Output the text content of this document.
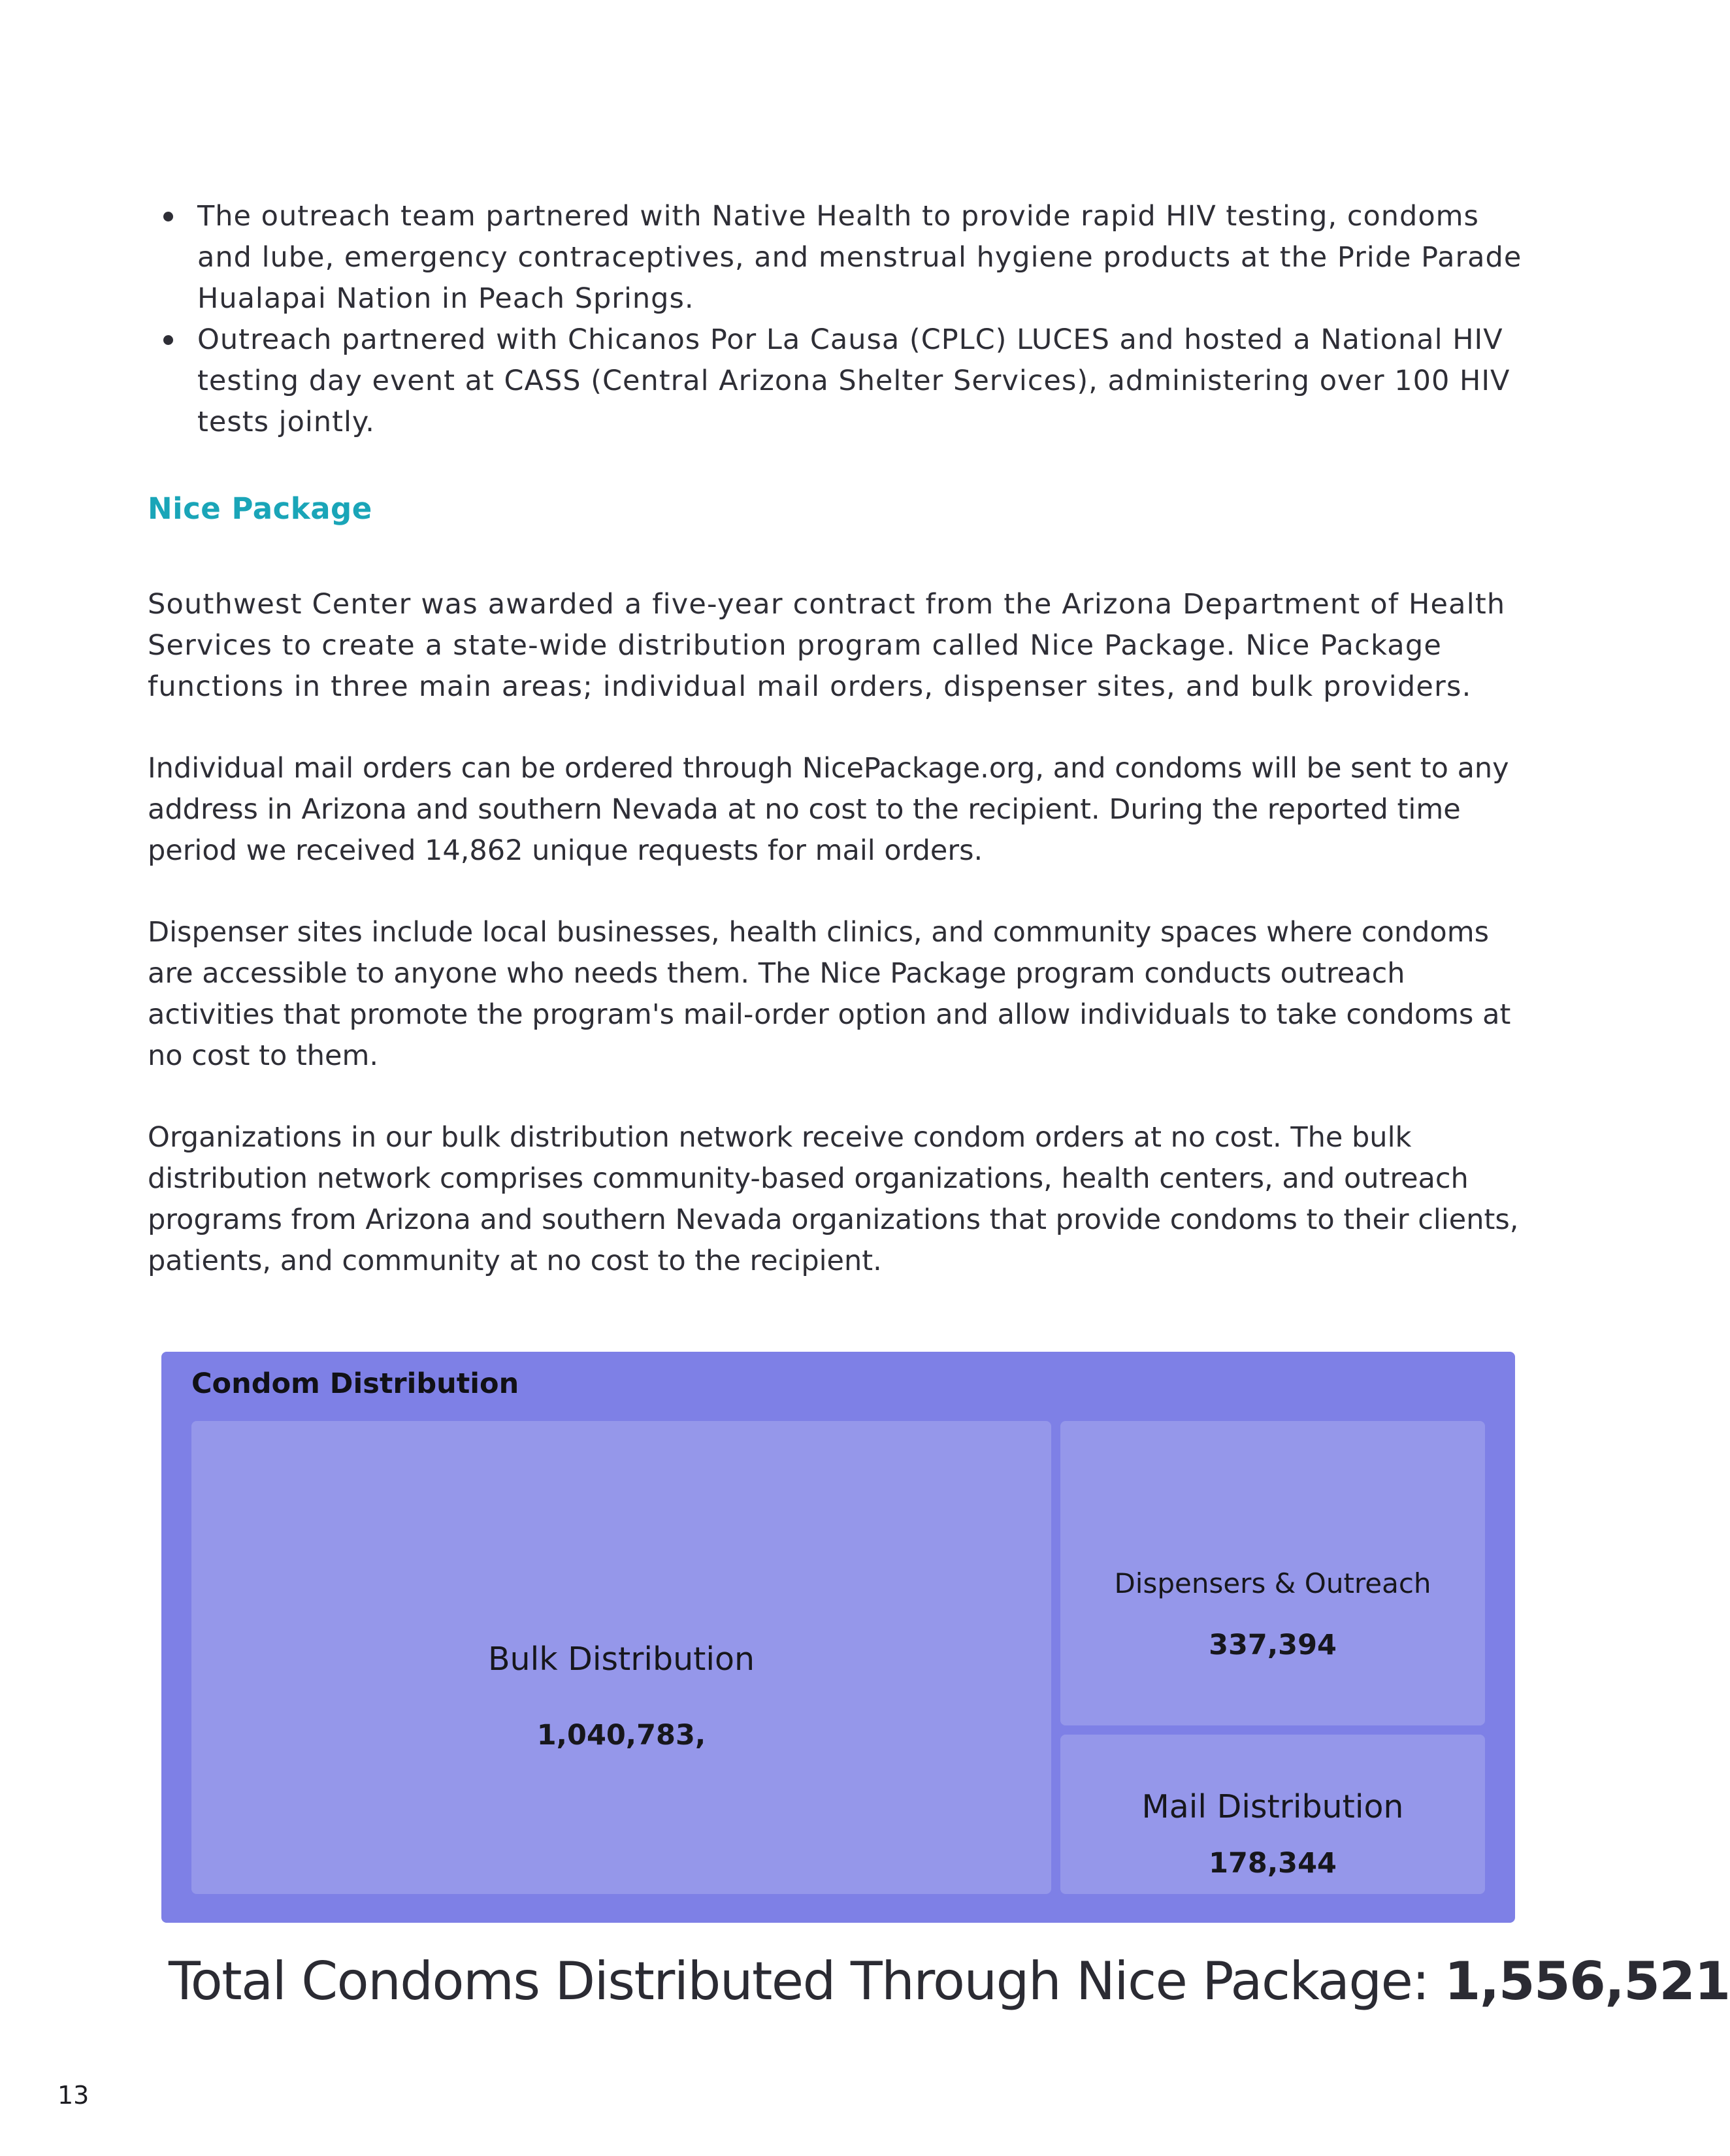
The outreach team partnered with Native Health to provide rapid HIV testing, condoms and lube, emergency contraceptives, and menstrual hygiene products at the Pride Parade Hualapai Nation in Peach Springs.
Outreach partnered with Chicanos Por La Causa (CPLC) LUCES and hosted a National HIV testing day event at CASS (Central Arizona Shelter Services), administering over 100 HIV tests jointly.
Nice Package

Southwest Center was awarded a five-year contract from the Arizona Department of Health Services to create a state-wide distribution program called Nice Package. Nice Package functions in three main areas; individual mail orders, dispenser sites, and bulk providers.

Individual mail orders can be ordered through NicePackage.org, and condoms will be sent to any address in Arizona and southern Nevada at no cost to the recipient. During the reported time period we received 14,862 unique requests for mail orders.

Dispenser sites include local businesses, health clinics, and community spaces where condoms are accessible to anyone who needs them. The Nice Package program conducts outreach activities that promote the program's mail-order option and allow individuals to take condoms at no cost to them.

Organizations in our bulk distribution network receive condom orders at no cost. The bulk distribution network comprises community-based organizations, health centers, and outreach programs from Arizona and southern Nevada organizations that provide condoms to their clients, patients, and community at no cost to the recipient.

Condom Distribution
Bulk Distribution
1,040,783,
Dispensers & Outreach
337,394
Mail Distribution
178,344
Total Condoms Distributed Through Nice Package: 1,556,521
13
